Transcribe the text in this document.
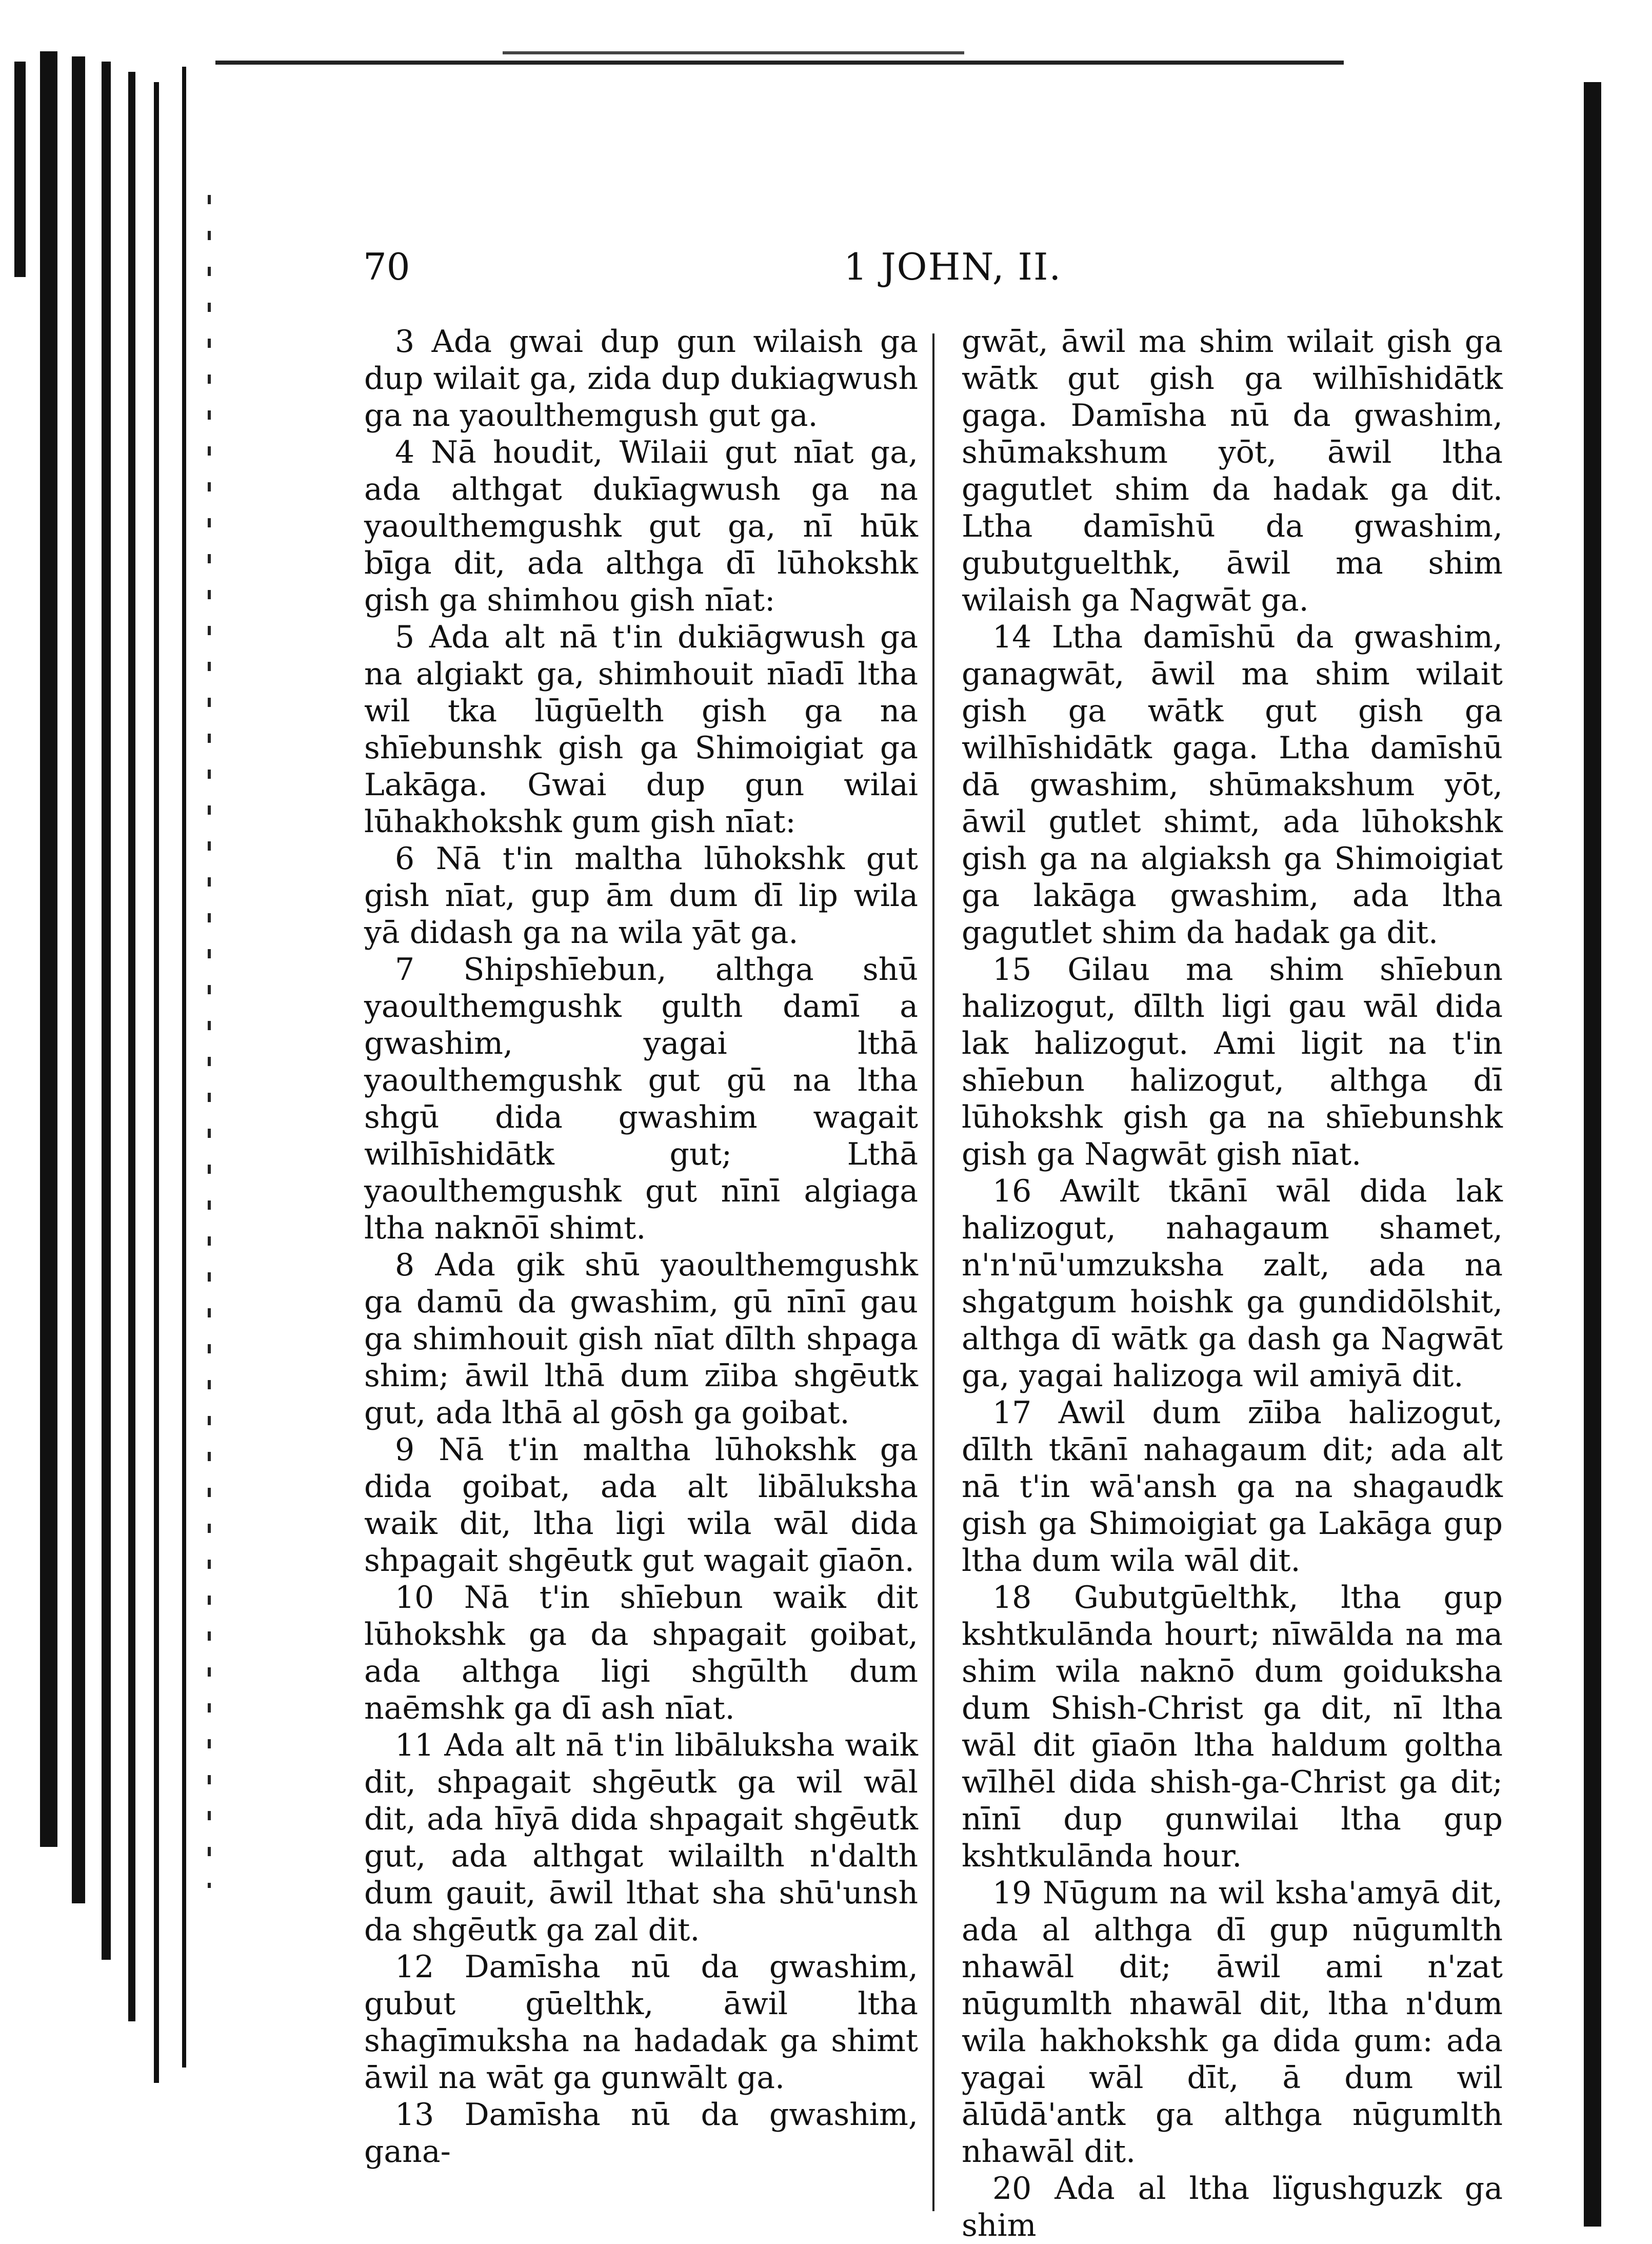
70	1 JOHN, II.

3 Ada gwai dup gun wilaish ga dup wilait ga, zida dup dukiagwush ga na yaoulthemgush gut ga.

4 Nā houdit, Wilaii gut nīat ga, ada althgat dukīagwush ga na yaoulthemgushk gut ga, nī hūk bīga dit, ada althga dī lūhokshk gish ga shimhou gish nīat:

5 Ada alt nā t'in dukiāgwush ga na algiakt ga, shimhouit nīadī ltha wil tka lūgūelth gish ga na shīebunshk gish ga Shimoigiat ga Lakāga. Gwai dup gun wilai lūhakhokshk gum gish nīat:

6 Nā t'in maltha lūhokshk gut gish nīat, gup ām dum dī lip wila yā didash ga na wila yāt ga.

7 Shipshīebun, althga shū yaoulthemgushk gulth damī a gwashim, yagai lthā yaoulthemgushk gut gū na ltha shgū dida gwashim wagait wilhīshidātk gut; Lthā yaoulthemgushk gut nīnī algiaga ltha naknōī shimt.

8 Ada gik shū yaoulthemgushk ga damū da gwashim, gū nīnī gau ga shimhouit gish nīat dīlth shpaga shim; āwil lthā dum zīiba shgēutk gut, ada lthā al gōsh ga goibat.

9 Nā t'in maltha lūhokshk ga dida goibat, ada alt libāluksha waik dit, ltha ligi wila wāl dida shpagait shgēutk gut wagait gīaōn.

10 Nā t'in shīebun waik dit lūhokshk ga da shpagait goibat, ada althga ligi shgūlth dum naēmshk ga dī ash nīat.

11 Ada alt nā t'in libāluksha waik dit, shpagait shgēutk ga wil wāl dit, ada hīyā dida shpagait shgēutk gut, ada althgat wilailth n'dalth dum gauit, āwil lthat sha shū'unsh da shgēutk ga zal dit.

12 Damīsha nū da gwashim, gubut gūelthk, āwil ltha shagīmuksha na hadadak ga shimt āwil na wāt ga gunwālt ga.

13 Damīsha nū da gwashim, gana-

gwāt, āwil ma shim wilait gish ga wātk gut gish ga wilhīshidātk gaga. Damīsha nū da gwashim, shūmakshum yōt, āwil ltha gagutlet shim da hadak ga dit. Ltha damīshū da gwashim, gubutguelthk, āwil ma shim wilaish ga Nagwāt ga.

14 Ltha damīshū da gwashim, ganagwāt, āwil ma shim wilait gish ga wātk gut gish ga wilhīshidātk gaga. Ltha damīshū dā gwashim, shūmakshum yōt, āwil gutlet shimt, ada lūhokshk gish ga na algiaksh ga Shimoigiat ga lakāga gwashim, ada ltha gagutlet shim da hadak ga dit.

15 Gilau ma shim shīebun halizogut, dīlth ligi gau wāl dida lak halizogut. Ami ligit na t'in shīebun halizogut, althga dī lūhokshk gish ga na shīebunshk gish ga Nagwāt gish nīat.

16 Awilt tkānī wāl dida lak halizogut, nahagaum shamet, n'n'nū'umzuksha zalt, ada na shgatgum hoishk ga gundidōlshit, althga dī wātk ga dash ga Nagwāt ga, yagai halizoga wil amiyā dit.

17 Awil dum zīiba halizogut, dīlth tkānī nahagaum dit; ada alt nā t'in wā'ansh ga na shagaudk gish ga Shimoigiat ga Lakāga gup ltha dum wila wāl dit.

18 Gubutgūelthk, ltha gup kshtkulānda hourt; nīwālda na ma shim wila naknō dum goiduksha dum Shish-Christ ga dit, nī ltha wāl dit gīaōn ltha haldum goltha wīlhēl dida shish-ga-Christ ga dit; nīnī dup gunwilai ltha gup kshtkulānda hour.

19 Nūgum na wil ksha'amyā dit, ada al althga dī gup nūgumlth nhawāl dit; āwil ami n'zat nūgumlth nhawāl dit, ltha n'dum wila hakhokshk ga dida gum: ada yagai wāl dīt, ā dum wil ālūdā'antk ga althga nūgumlth nhawāl dit.

20 Ada al ltha lïgushguzk ga shim
